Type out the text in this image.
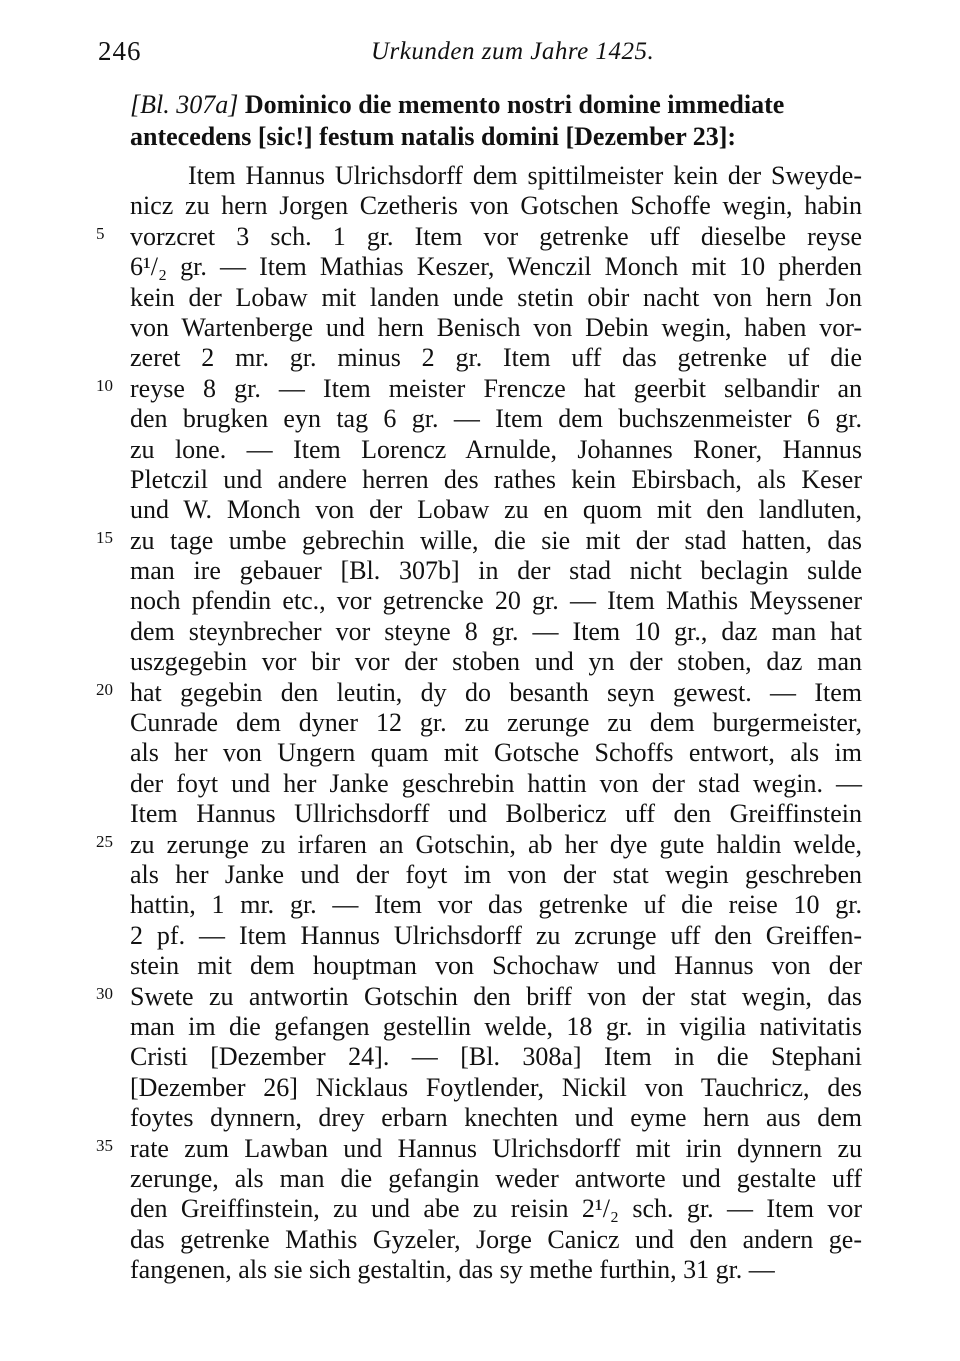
246	Urkunden zum Jahre 1425.
[Bl. 307a] Dominico die memento nostri domine immediate
antecedens [sic!] festum natalis domini [Dezember 23]:
Item Hannus Ulrichsdorff dem spittilmeister kein der Sweyde-
nicz zu hern Jorgen Czetheris von Gotschen Schoffe wegin, habin
vorzcret 3 sch. 1 gr. Item vor getrenke uff dieselbe reyse
5
6¹/₂ gr. — Item Mathias Keszer, Wenczil Monch mit 10 pherden
kein der Lobaw mit landen unde stetin obir nacht von hern Jon
von Wartenberge und hern Benisch von Debin wegin, haben vor-
zeret 2 mr. gr. minus 2 gr. Item uff das getrenke uf die
reyse 8 gr. — Item meister Frencze hat geerbit selbandir an
10
den brugken eyn tag 6 gr. — Item dem buchszenmeister 6 gr.
zu lone. — Item Lorencz Arnulde, Johannes Roner, Hannus
Pletczil und andere herren des rathes kein Ebirsbach, als Keser
und W. Monch von der Lobaw zu en quom mit den landluten,
zu tage umbe gebrechin wille, die sie mit der stad hatten, das
15
man ire gebauer [Bl. 307b] in der stad nicht beclagin sulde
noch pfendin etc., vor getrencke 20 gr. — Item Mathis Meyssener
dem steynbrecher vor steyne 8 gr. — Item 10 gr., daz man hat
uszgegebin vor bir vor der stoben und yn der stoben, daz man
hat gegebin den leutin, dy do besanth seyn gewest. — Item
20
Cunrade dem dyner 12 gr. zu zerunge zu dem burgermeister,
als her von Ungern quam mit Gotsche Schoffs entwort, als im
der foyt und her Janke geschrebin hattin von der stad wegin. —
Item Hannus Ullrichsdorff und Bolbericz uff den Greiffinstein
zu zerunge zu irfaren an Gotschin, ab her dye gute haldin welde,
25
als her Janke und der foyt im von der stat wegin geschreben
hattin, 1 mr. gr. — Item vor das getrenke uf die reise 10 gr.
2 pf. — Item Hannus Ulrichsdorff zu zcrunge uff den Greiffen-
stein mit dem houptman von Schochaw und Hannus von der
Swete zu antwortin Gotschin den briff von der stat wegin, das
30
man im die gefangen gestellin welde, 18 gr. in vigilia nativitatis
Cristi [Dezember 24]. — [Bl. 308a] Item in die Stephani
[Dezember 26] Nicklaus Foytlender, Nickil von Tauchricz, des
foytes dynnern, drey erbarn knechten und eyme hern aus dem
rate zum Lawban und Hannus Ulrichsdorff mit irin dynnern zu
35
zerunge, als man die gefangin weder antworte und gestalte uff
den Greiffinstein, zu und abe zu reisin 2¹/₂ sch. gr. — Item vor
das getrenke Mathis Gyzeler, Jorge Canicz und den andern ge-
fangenen, als sie sich gestaltin, das sy methe furthin, 31 gr. —
